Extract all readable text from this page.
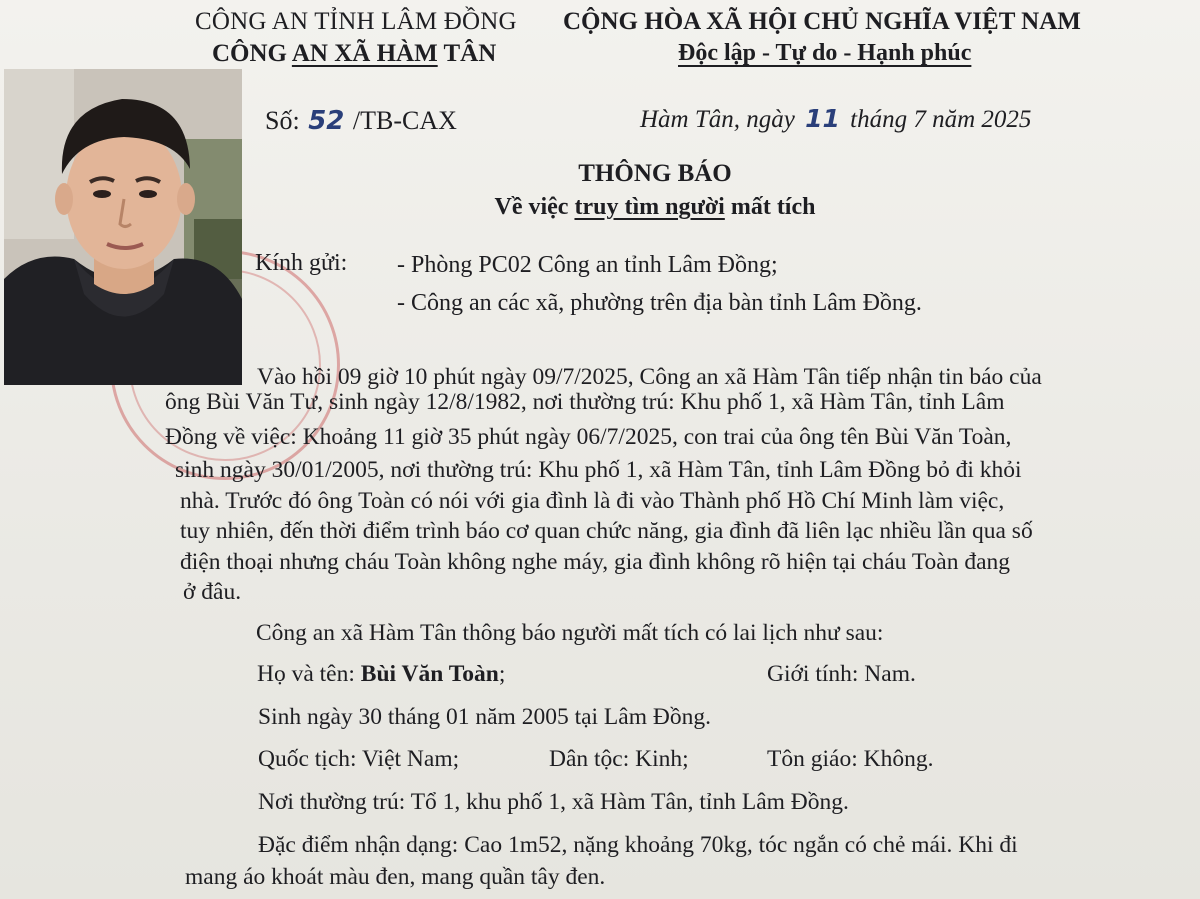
CÔNG AN TỈNH LÂM ĐỒNG
CÔNG AN XÃ HÀM TÂN
CỘNG HÒA XÃ HỘI CHỦ NGHĨA VIỆT NAM
Độc lập - Tự do - Hạnh phúc
Số: 52 /TB-CAX	Hàm Tân, ngày 11 tháng 7 năm 2025
THÔNG BÁO
Về việc truy tìm người mất tích
Kính gửi: - Phòng PC02 Công an tỉnh Lâm Đồng;
- Công an các xã, phường trên địa bàn tỉnh Lâm Đồng.
Vào hồi 09 giờ 10 phút ngày 09/7/2025, Công an xã Hàm Tân tiếp nhận tin báo của
ông Bùi Văn Tư, sinh ngày 12/8/1982, nơi thường trú: Khu phố 1, xã Hàm Tân, tỉnh Lâm
Đồng về việc: Khoảng 11 giờ 35 phút ngày 06/7/2025, con trai của ông tên Bùi Văn Toàn,
sinh ngày 30/01/2005, nơi thường trú: Khu phố 1, xã Hàm Tân, tỉnh Lâm Đồng bỏ đi khỏi
nhà. Trước đó ông Toàn có nói với gia đình là đi vào Thành phố Hồ Chí Minh làm việc,
tuy nhiên, đến thời điểm trình báo cơ quan chức năng, gia đình đã liên lạc nhiều lần qua số
điện thoại nhưng cháu Toàn không nghe máy, gia đình không rõ hiện tại cháu Toàn đang
ở đâu.
Công an xã Hàm Tân thông báo người mất tích có lai lịch như sau:
Họ và tên: Bùi Văn Toàn;	Giới tính: Nam.
Sinh ngày 30 tháng 01 năm 2005 tại Lâm Đồng.
Quốc tịch: Việt Nam;	Dân tộc: Kinh;	Tôn giáo: Không.
Nơi thường trú: Tổ 1, khu phố 1, xã Hàm Tân, tỉnh Lâm Đồng.
Đặc điểm nhận dạng: Cao 1m52, nặng khoảng 70kg, tóc ngắn có chẻ mái. Khi đi
mang áo khoát màu đen, mang quần tây đen.
